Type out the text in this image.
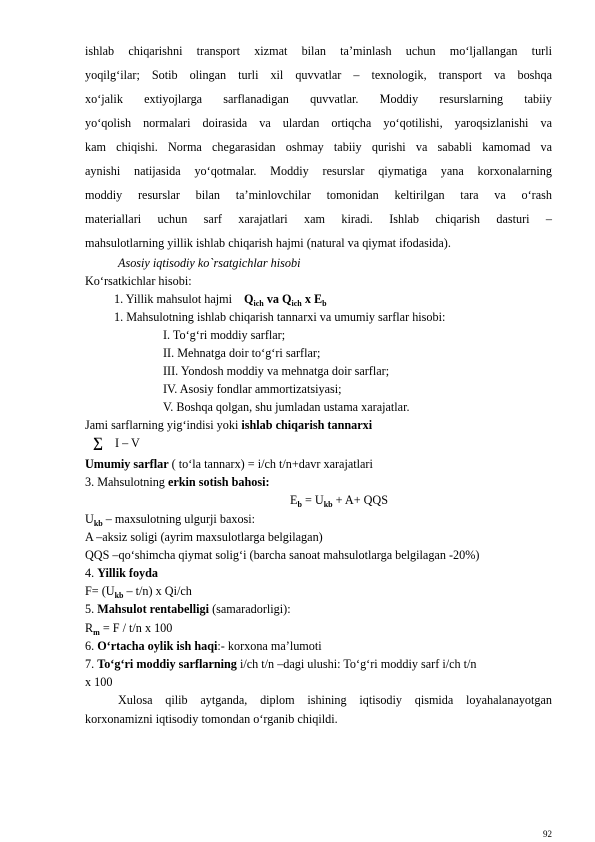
ishlab chiqarishni transport xizmat bilan ta’minlash uchun mo‘ljallangan turli
yoqilg‘ilar; Sotib olingan turli xil quvvatlar – texnologik, transport va boshqa
xo‘jalik extiyojlarga sarflanadigan quvvatlar. Moddiy resurslarning tabiiy
yo‘qolish normalari doirasida va ulardan ortiqcha yo‘qotilishi, yaroqsizlanishi va
kam chiqishi. Norma chegarasidan oshmay tabiiy qurishi va sababli kamomad va
aynishi natijasida yo‘qotmalar. Moddiy resurslar qiymatiga yana korxonalarning
moddiy resurslar bilan ta’minlovchilar tomonidan keltirilgan tara va o‘rash
materiallari uchun sarf xarajatlari xam kiradi. Ishlab chiqarish dasturi –
mahsulotlarning yillik ishlab chiqarish hajmi (natural va qiymat ifodasida).
Asosiy iqtisodiy ko`rsatgichlar hisobi
Ko‘rsatkichlar hisobi:
1. Yillik mahsulot hajmi $Q_{ich}$ va $Q_{ich}$ x $E_b$
1. Mahsulotning ishlab chiqarish tannarxi va umumiy sarflar hisobi:
I. To‘g‘ri moddiy sarflar;
II. Mehnatga doir to‘g‘ri sarflar;
III. Yondosh moddiy va mehnatga doir sarflar;
IV. Asosiy fondlar ammortizatsiyasi;
V. Boshqa qolgan, shu jumladan ustama xarajatlar.
Jami sarflarning yig‘indisi yoki ishlab chiqarish tannarxi
∑ I – V
Umumiy sarflar ( to‘la tannarx) = i/ch t/n+davr xarajatlari
3. Mahsulotning erkin sotish bahosi:
$E_b = U_{kb} + A+$ QQS
$U_{kb}$ – maxsulotning ulgurji baxosi:
A –aksiz soligi (ayrim maxsulotlarga belgilagan)
QQS –qo‘shimcha qiymat solig‘i (barcha sanoat mahsulotlarga belgilagan -20%)
4. Yillik foyda
$F= (U_{kb} - t/n)$ x Qi/ch
5. Mahsulot rentabelligi (samaradorligi):
$R_m = F / t/n$ x 100
6. O‘rtacha oylik ish haqi:- korxona ma’lumoti
7. To‘g‘ri moddiy sarflarning i/ch t/n –dagi ulushi: To‘g‘ri moddiy sarf i/ch t/n
x 100
Xulosa qilib aytganda, diplom ishining iqtisodiy qismida loyahalanayotgan
korxonamizni iqtisodiy tomondan o‘rganib chiqildi.
92
